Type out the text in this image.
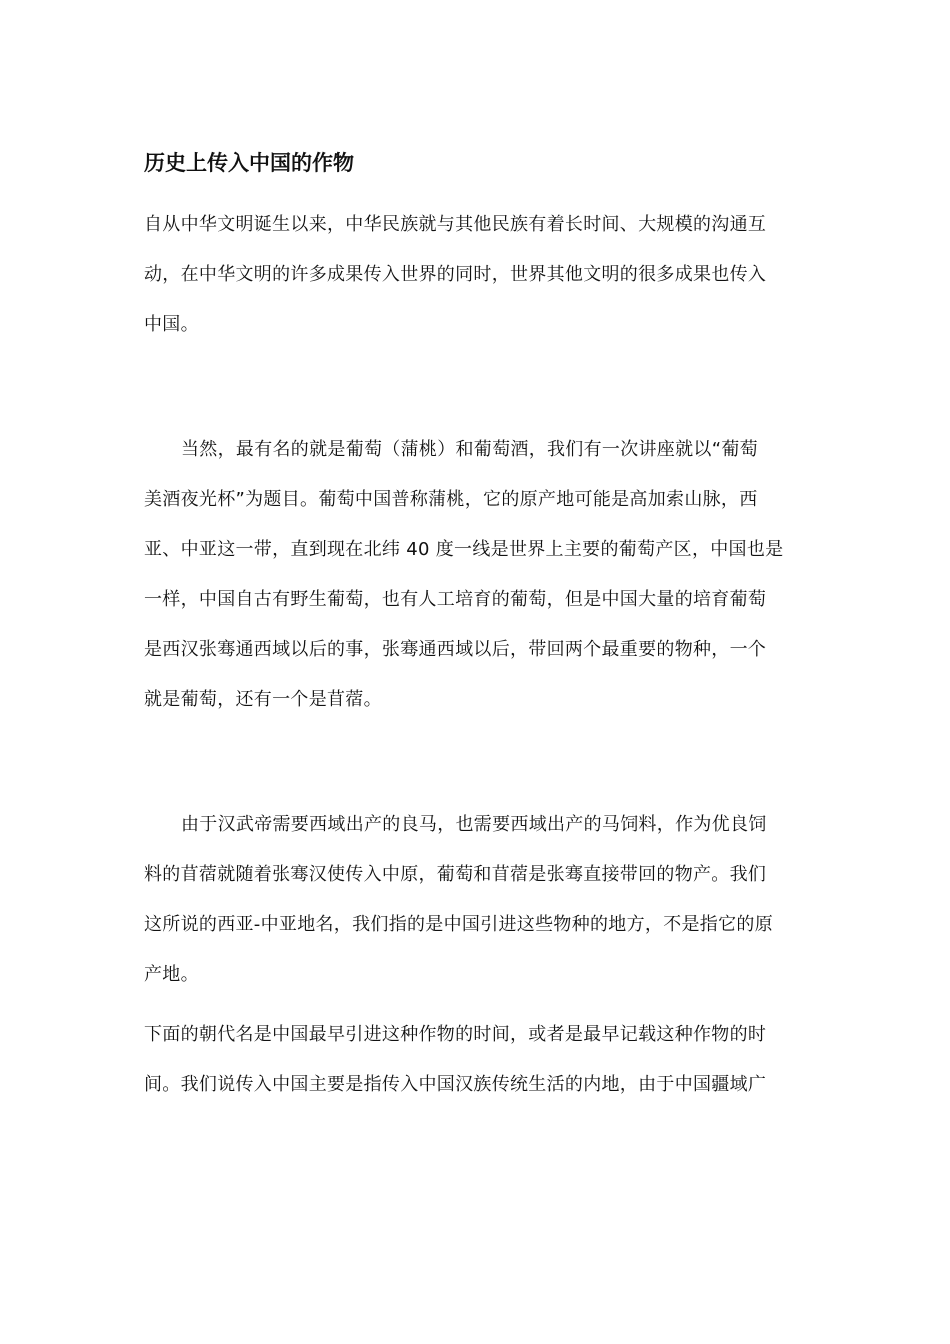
历史上传入中国的作物

自从中华文明诞生以来，中华民族就与其他民族有着长时间、大规模的沟通互
动，在中华文明的许多成果传入世界的同时，世界其他文明的很多成果也传入
中国。

当然，最有名的就是葡萄（蒲桃）和葡萄酒，我们有一次讲座就以“葡萄
美酒夜光杯”为题目。葡萄中国普称蒲桃，它的原产地可能是高加索山脉，西
亚、中亚这一带，直到现在北纬 40 度一线是世界上主要的葡萄产区，中国也是
一样，中国自古有野生葡萄，也有人工培育的葡萄，但是中国大量的培育葡萄
是西汉张骞通西域以后的事，张骞通西域以后，带回两个最重要的物种，一个
就是葡萄，还有一个是苜蓿。

由于汉武帝需要西域出产的良马，也需要西域出产的马饲料，作为优良饲
料的苜蓿就随着张骞汉使传入中原，葡萄和苜蓿是张骞直接带回的物产。我们
这所说的西亚-中亚地名，我们指的是中国引进这些物种的地方，不是指它的原
产地。

下面的朝代名是中国最早引进这种作物的时间，或者是最早记载这种作物的时
间。我们说传入中国主要是指传入中国汉族传统生活的内地，由于中国疆域广
